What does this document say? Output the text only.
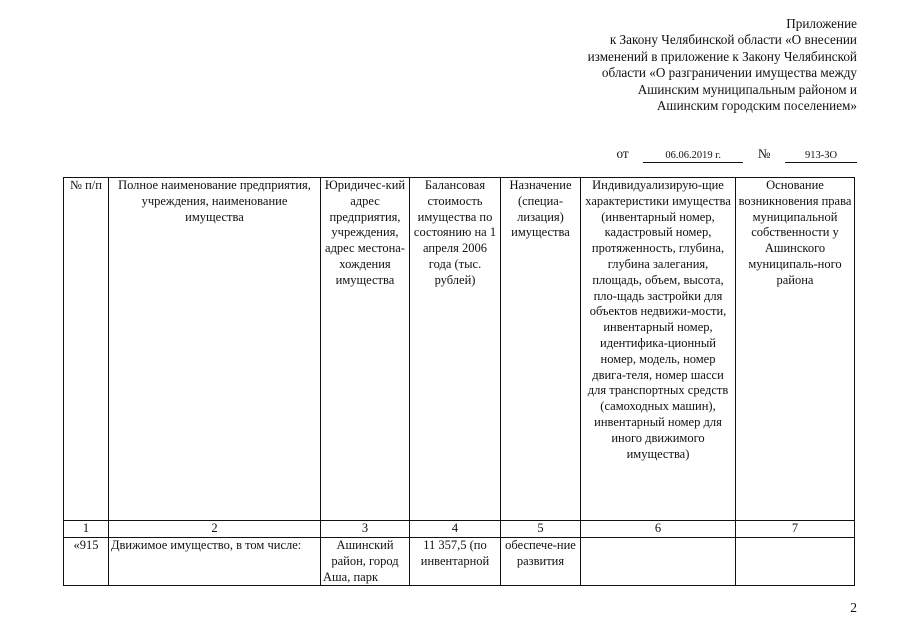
Приложение
к Закону Челябинской области «О внесении
изменений в приложение к Закону Челябинской
области «О разграничении имущества между
Ашинским муниципальным районом и
Ашинским городским поселением»
от	06.06.2019 г.	№	913-ЗО
№ п/п	Полное наименование предприятия, учреждения, наименование имущества	Юридичес-кий адрес предприятия, учреждения, адрес местона-хождения имущества	Балансовая стоимость имущества по состоянию на 1 апреля 2006 года (тыс. рублей)	Назначение (специа-лизация) имущества	Индивидуализирую-щие характеристики имущества (инвентарный номер, кадастровый номер, протяженность, глубина, глубина залегания, площадь, объем, высота, пло-щадь застройки для объектов недвижи-мости, инвентарный номер, идентифика-ционный номер, модель, номер двига-теля, номер шасси для транспортных средств (самоходных машин), инвентарный номер для иного движимого имущества)	Основание возникновения права муниципальной собственности у Ашинского муниципаль-ного района
1	2	3	4	5	6	7
«915	Движимое имущество, в том числе:	Ашинский район, город Аша, парк	11 357,5 (по инвентарной	обеспече-ние развития		
2
